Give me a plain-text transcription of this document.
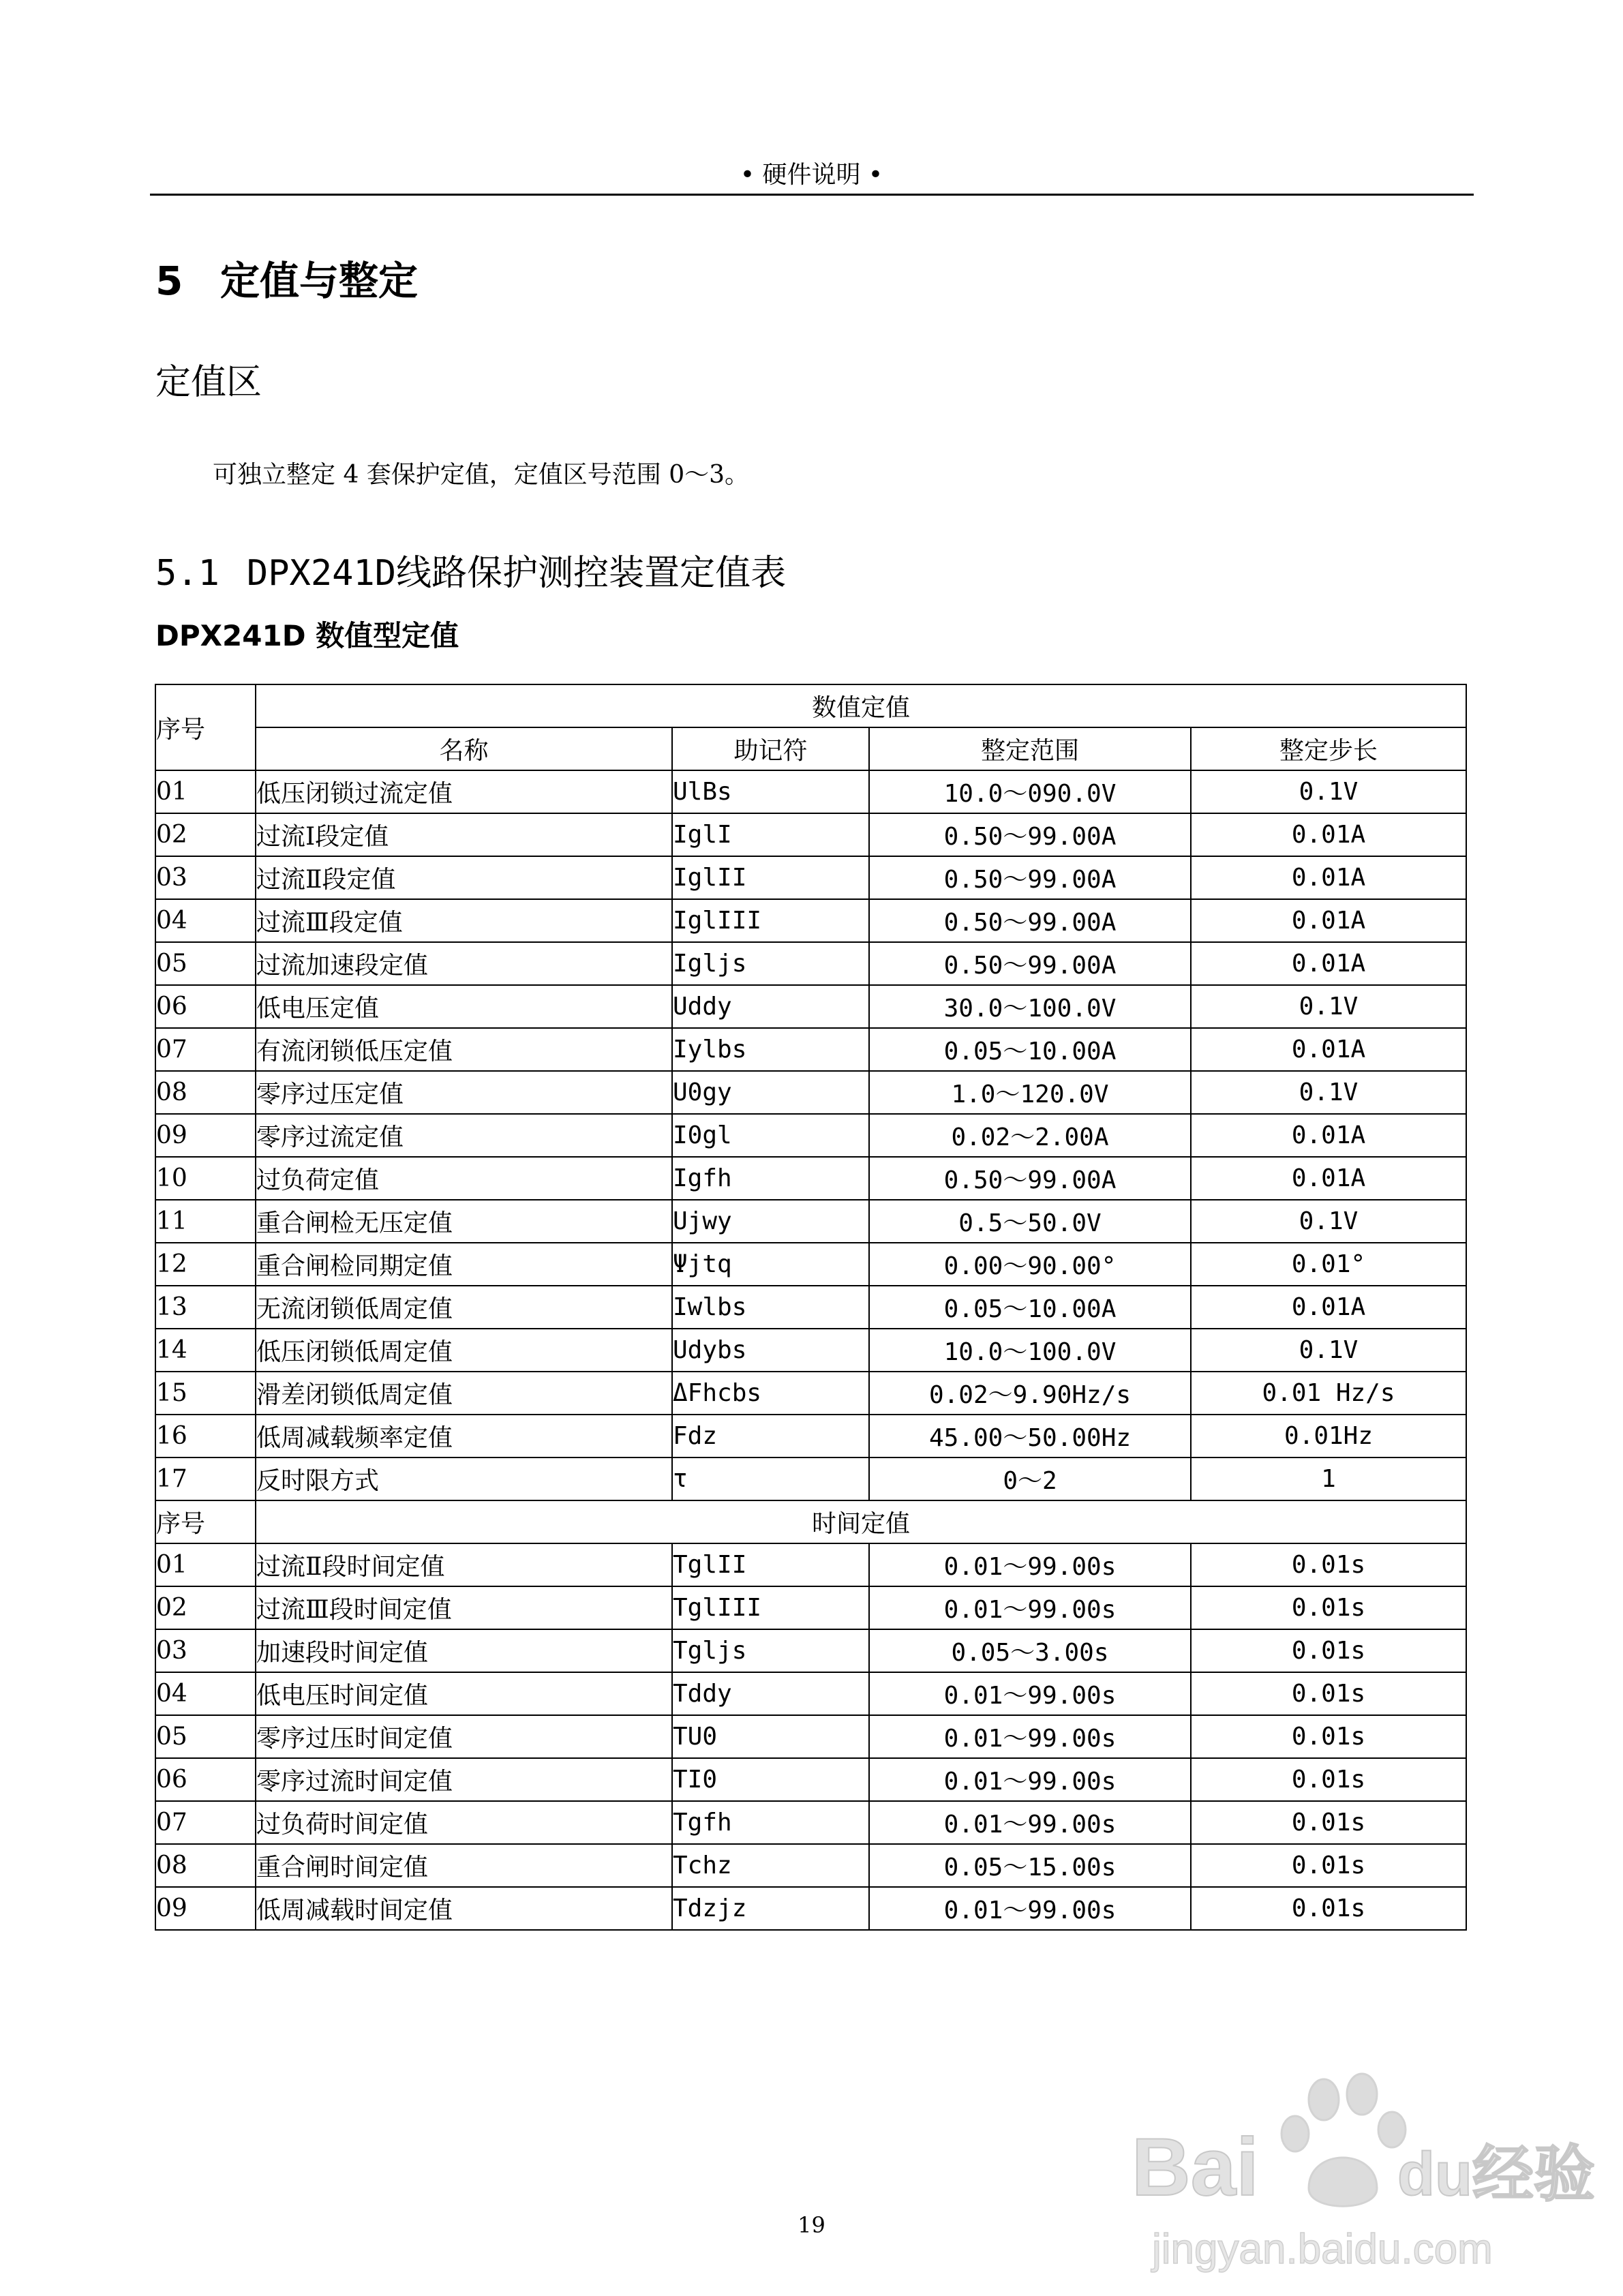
• 硬件说明 •
5 定值与整定
定值区
可独立整定 4 套保护定值，定值区号范围 0～3。
5.1 DPX241D线路保护测控装置定值表
DPX241D 数值型定值
序号	数值定值			
	名称	助记符	整定范围	整定步长
01	低压闭锁过流定值	UlBs	10.0～090.0V	0.1V
02	过流Ⅰ段定值	IglI	0.50～99.00A	0.01A
03	过流Ⅱ段定值	IglII	0.50～99.00A	0.01A
04	过流Ⅲ段定值	IglIII	0.50～99.00A	0.01A
05	过流加速段定值	Igljs	0.50～99.00A	0.01A
06	低电压定值	Uddy	30.0～100.0V	0.1V
07	有流闭锁低压定值	Iylbs	0.05～10.00A	0.01A
08	零序过压定值	U0gy	1.0～120.0V	0.1V
09	零序过流定值	I0gl	0.02～2.00A	0.01A
10	过负荷定值	Igfh	0.50～99.00A	0.01A
11	重合闸检无压定值	Ujwy	0.5～50.0V	0.1V
12	重合闸检同期定值	Ψjtq	0.00～90.00°	0.01°
13	无流闭锁低周定值	Iwlbs	0.05～10.00A	0.01A
14	低压闭锁低周定值	Udybs	10.0～100.0V	0.1V
15	滑差闭锁低周定值	ΔFhcbs	0.02～9.90Hz/s	0.01 Hz/s
16	低周减载频率定值	Fdz	45.00～50.00Hz	0.01Hz
17	反时限方式	τ	0～2	1
序号	时间定值			
01	过流Ⅱ段时间定值	TglII	0.01～99.00s	0.01s
02	过流Ⅲ段时间定值	TglIII	0.01～99.00s	0.01s
03	加速段时间定值	Tgljs	0.05～3.00s	0.01s
04	低电压时间定值	Tddy	0.01～99.00s	0.01s
05	零序过压时间定值	TU0	0.01～99.00s	0.01s
06	零序过流时间定值	TI0	0.01～99.00s	0.01s
07	过负荷时间定值	Tgfh	0.01～99.00s	0.01s
08	重合闸时间定值	Tchz	0.05～15.00s	0.01s
09	低周减载时间定值	Tdzjz	0.01～99.00s	0.01s
19
Bai du经验
jingyan.baidu.com
